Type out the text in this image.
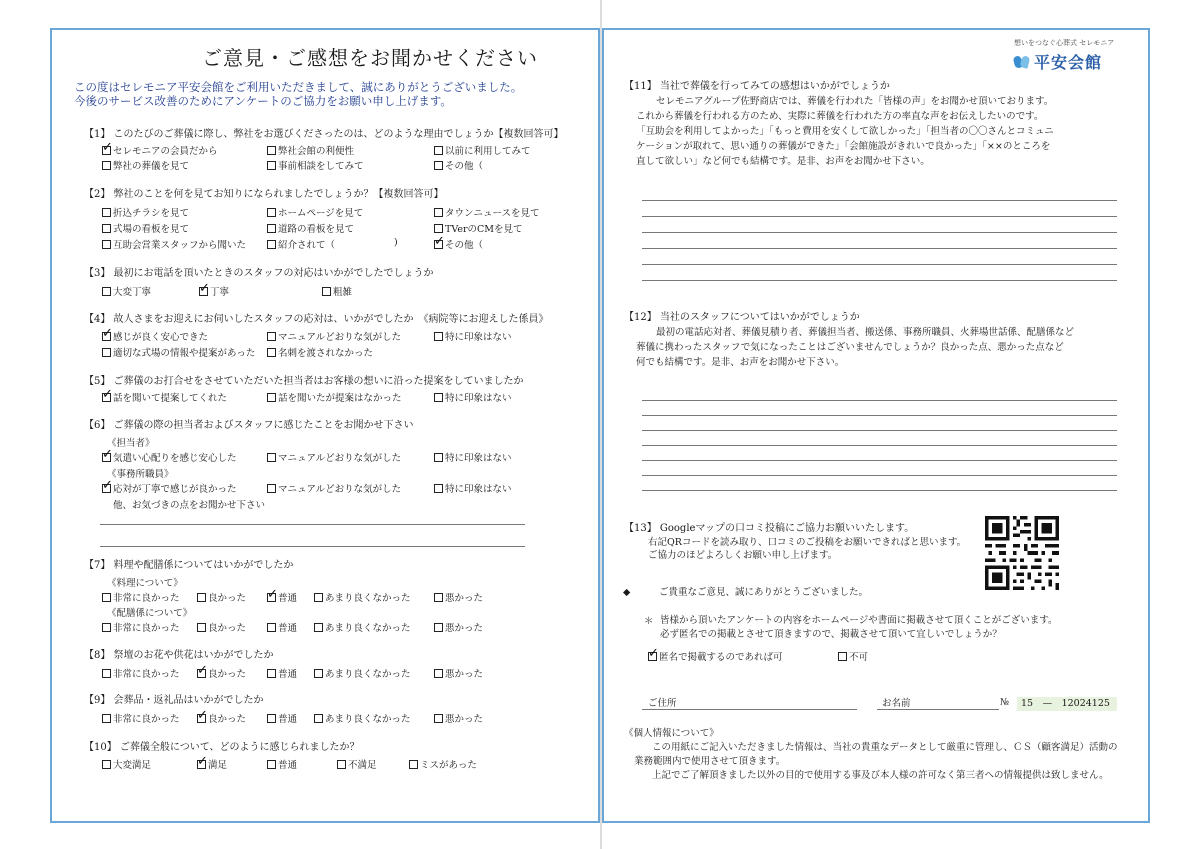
ご意見・ご感想をお聞かせください
この度はセレモニア平安会館をご利用いただきまして、誠にありがとうございました。
今後のサービス改善のためにアンケートのご協力をお願い申し上げます。
【1】 このたびのご葬儀に際し、弊社をお選びくださったのは、どのような理由でしょうか【複数回答可】
✓セレモニアの会員だから	弊社会館の利便性	以前に利用してみて
弊社の葬儀を見て	事前相談をしてみて	その他（
【2】 弊社のことを何を見てお知りになられましたでしょうか？【複数回答可】
折込チラシを見て	ホームページを見て	タウンニュースを見て
式場の看板を見て	道路の看板を見て	TVerのCMを見て
互助会営業スタッフから聞いた	紹介されて（	) ✓	その他（
【3】 最初にお電話を頂いたときのスタッフの対応はいかがでしたでしょうか
大変丁寧 ✓	丁寧	粗雑
【4】 故人さまをお迎えにお伺いしたスタッフの応対は、いかがでしたか　《病院等にお迎えした係員》
✓感じが良く安心できた	マニュアルどおりな気がした	特に印象はない
適切な式場の情報や提案があった	名刺を渡されなかった
【5】 ご葬儀のお打合せをさせていただいた担当者はお客様の想いに沿った提案をしていましたか
✓話を聞いて提案してくれた	話を聞いたが提案はなかった	特に印象はない
【6】 ご葬儀の際の担当者およびスタッフに感じたことをお聞かせ下さい
《担当者》
✓気遣い心配りを感じ安心した	マニュアルどおりな気がした	特に印象はない
《事務所職員》
✓応対が丁寧で感じが良かった	マニュアルどおりな気がした	特に印象はない
他、お気づきの点をお聞かせ下さい
【7】 料理や配膳係についてはいかがでしたか
《料理について》
非常に良かった	良かった ✓	普通	あまり良くなかった	悪かった
《配膳係について》
非常に良かった	良かった	普通	あまり良くなかった	悪かった
【8】 祭壇のお花や供花はいかがでしたか
非常に良かった ✓	良かった	普通	あまり良くなかった	悪かった
【9】 会葬品・返礼品はいかがでしたか
非常に良かった ✓	良かった	普通	あまり良くなかった	悪かった
【10】 ご葬儀全般について、どのように感じられましたか？
大変満足 ✓	満足	普通	不満足	ミスがあった
想いをつなぐ心葬式 セレモニア
平安会館
【11】 当社で葬儀を行ってみての感想はいかがでしょうか
セレモニアグループ佐野商店では、葬儀を行われた「皆様の声」をお聞かせ頂いております。
これから葬儀を行われる方のため、実際に葬儀を行われた方の率直な声をお伝えしたいのです。
「互助会を利用してよかった」「もっと費用を安くして欲しかった」「担当者の〇〇さんとコミュニ
ケーションが取れて、思い通りの葬儀ができた」「会館施設がきれいで良かった」「××のところを
直して欲しい」など何でも結構です。是非、お声をお聞かせ下さい。
【12】 当社のスタッフについてはいかがでしょうか
最初の電話応対者、葬儀見積り者、葬儀担当者、搬送係、事務所職員、火葬場世話係、配膳係など
葬儀に携わったスタッフで気になったことはございませんでしょうか？良かった点、悪かった点など
何でも結構です。是非、お声をお聞かせ下さい。
【13】 Googleマップの口コミ投稿にご協力お願いいたします。
右記QRコードを読み取り、口コミのご投稿をお願いできればと思います。
ご協力のほどよろしくお願い申し上げます。
◆	ご貴重なご意見、誠にありがとうございました。
＊ 皆様から頂いたアンケートの内容をホームページや書面に掲載させて頂くことがございます。
必ず匿名での掲載とさせて頂きますので、掲載させて頂いて宜しいでしょうか？
✓匿名で掲載するのであれば可	不可
ご住所	お名前	№	15　—　12024125
《個人情報について》
この用紙にご記入いただきました情報は、当社の貴重なデータとして厳重に管理し、ＣＳ（顧客満足）活動の
業務範囲内で使用させて頂きます。
上記でご了解頂きました以外の目的で使用する事及び本人様の許可なく第三者への情報提供は致しません。
